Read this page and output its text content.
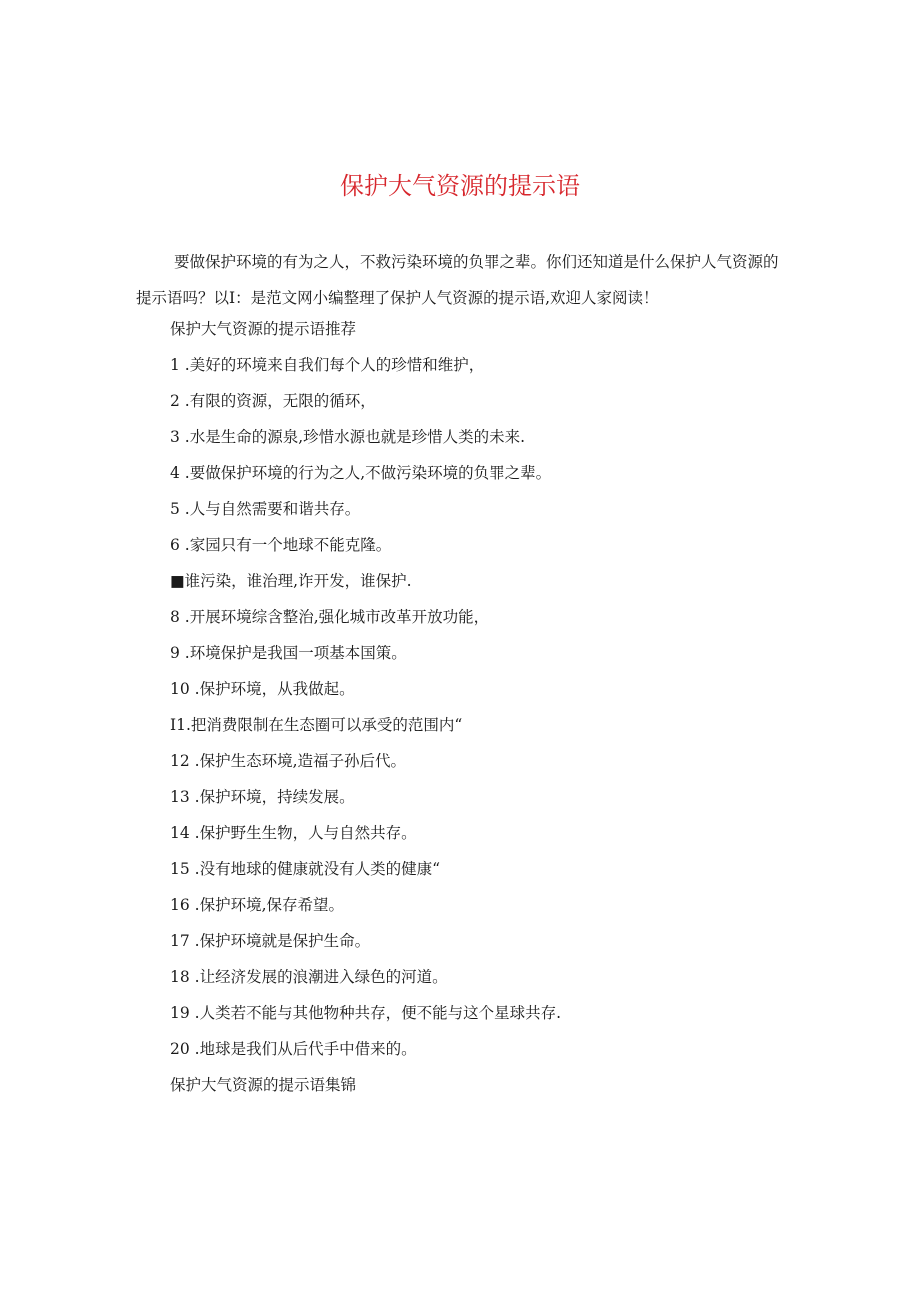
保护大气资源的提示语

要做保护环境的有为之人，不救污染环境的负罪之辈。你们还知道是什么保护人气资源的提示语吗？以I：是范文网小编整理了保护人气资源的提示语,欢迎人家阅读！

保护大气资源的提示语推荐
1 .美好的环境来自我们每个人的珍惜和维护，
2 .有限的资源，无限的循环，
3 .水是生命的源泉,珍惜水源也就是珍惜人类的未来.
4 .要做保护环境的行为之人,不做污染环境的负罪之辈。
5 .人与自然需要和谐共存。
6 .家园只有一个地球不能克隆。
■谁污染，谁治理,诈开发，谁保护.
8 .开展环境综含整治,强化城市改革开放功能，
9 .环境保护是我国一项基本国策。
10 .保护环境，从我做起。
I1.把消费限制在生态圈可以承受的范围内“
12 .保护生态环境,造福子孙后代。
13 .保护环境，持续发展。
14 .保护野生生物，人与自然共存。
15 .没有地球的健康就没有人类的健康“
16 .保护环境,保存希望。
17 .保护环境就是保护生命。
18 .让经济发展的浪潮进入绿色的河道。
19 .人类若不能与其他物种共存，便不能与这个星球共存.
20 .地球是我们从后代手中借来的。
保护大气资源的提示语集锦
